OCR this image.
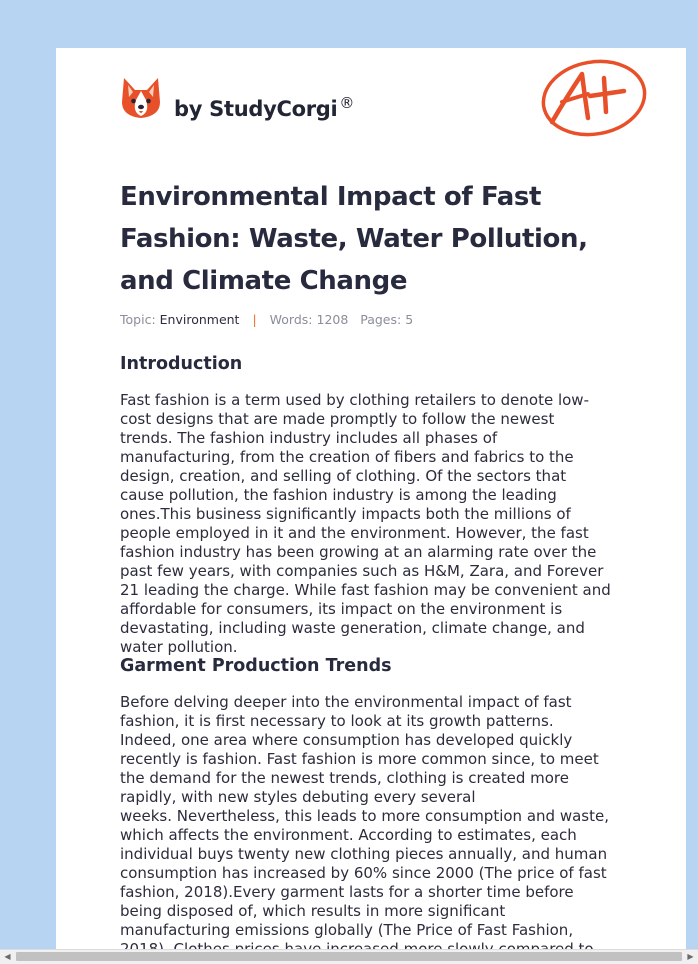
by StudyCorgi ®
A+
Environmental Impact of Fast
Fashion: Waste, Water Pollution,
and Climate Change
Topic: Environment | Words: 1208 Pages: 5
Introduction
Fast fashion is a term used by clothing retailers to denote low-
cost designs that are made promptly to follow the newest
trends. The fashion industry includes all phases of
manufacturing, from the creation of fibers and fabrics to the
design, creation, and selling of clothing. Of the sectors that
cause pollution, the fashion industry is among the leading
ones.This business significantly impacts both the millions of
people employed in it and the environment. However, the fast
fashion industry has been growing at an alarming rate over the
past few years, with companies such as H&M, Zara, and Forever
21 leading the charge. While fast fashion may be convenient and
affordable for consumers, its impact on the environment is
devastating, including waste generation, climate change, and
water pollution.
Garment Production Trends
Before delving deeper into the environmental impact of fast
fashion, it is first necessary to look at its growth patterns.
Indeed, one area where consumption has developed quickly
recently is fashion. Fast fashion is more common since, to meet
the demand for the newest trends, clothing is created more
rapidly, with new styles debuting every several
weeks. Nevertheless, this leads to more consumption and waste,
which affects the environment. According to estimates, each
individual buys twenty new clothing pieces annually, and human
consumption has increased by 60% since 2000 (The price of fast
fashion, 2018).Every garment lasts for a shorter time before
being disposed of, which results in more significant
manufacturing emissions globally (The Price of Fast Fashion,
◀	▶
